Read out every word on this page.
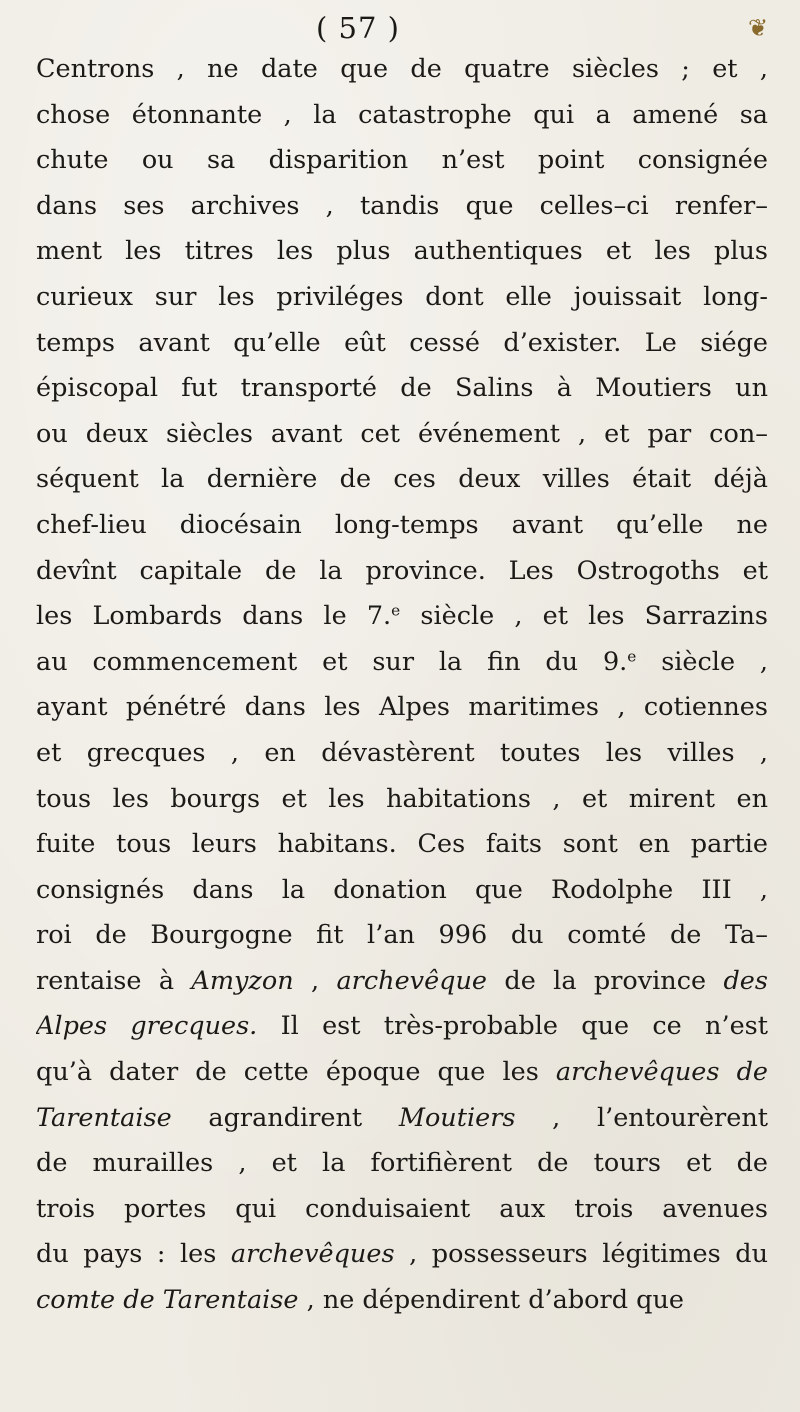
( 57 )	❦
Centrons , ne date que de quatre siècles ; et ,
chose étonnante , la catastrophe qui a amené sa
chute ou sa disparition n’est point consignée
dans ses archives , tandis que celles–ci renfer–
ment les titres les plus authentiques et les plus
curieux sur les priviléges dont elle jouissait long-
temps avant qu’elle eût cessé d’exister. Le siége
épiscopal fut transporté de Salins à Moutiers un
ou deux siècles avant cet événement , et par con–
séquent la dernière de ces deux villes était déjà
chef-lieu diocésain long-temps avant qu’elle ne
devînt capitale de la province. Les Ostrogoths et
les Lombards dans le 7.$^e$ siècle , et les Sarrazins
au commencement et sur la fin du 9.$^e$ siècle ,
ayant pénétré dans les Alpes maritimes , cotiennes
et grecques , en dévastèrent toutes les villes ,
tous les bourgs et les habitations , et mirent en
fuite tous leurs habitans. Ces faits sont en partie
consignés dans la donation que Rodolphe III ,
roi de Bourgogne fit l’an 996 du comté de Ta–
rentaise à Amyzon , archevêque de la province des
Alpes grecques. Il est très-probable que ce n’est
qu’à dater de cette époque que les archevêques de
Tarentaise agrandirent Moutiers , l’entourèrent
de murailles , et la fortifièrent de tours et de
trois portes qui conduisaient aux trois avenues
du pays : les archevêques , possesseurs légitimes du
comte de Tarentaise , ne dépendirent d’abord que
